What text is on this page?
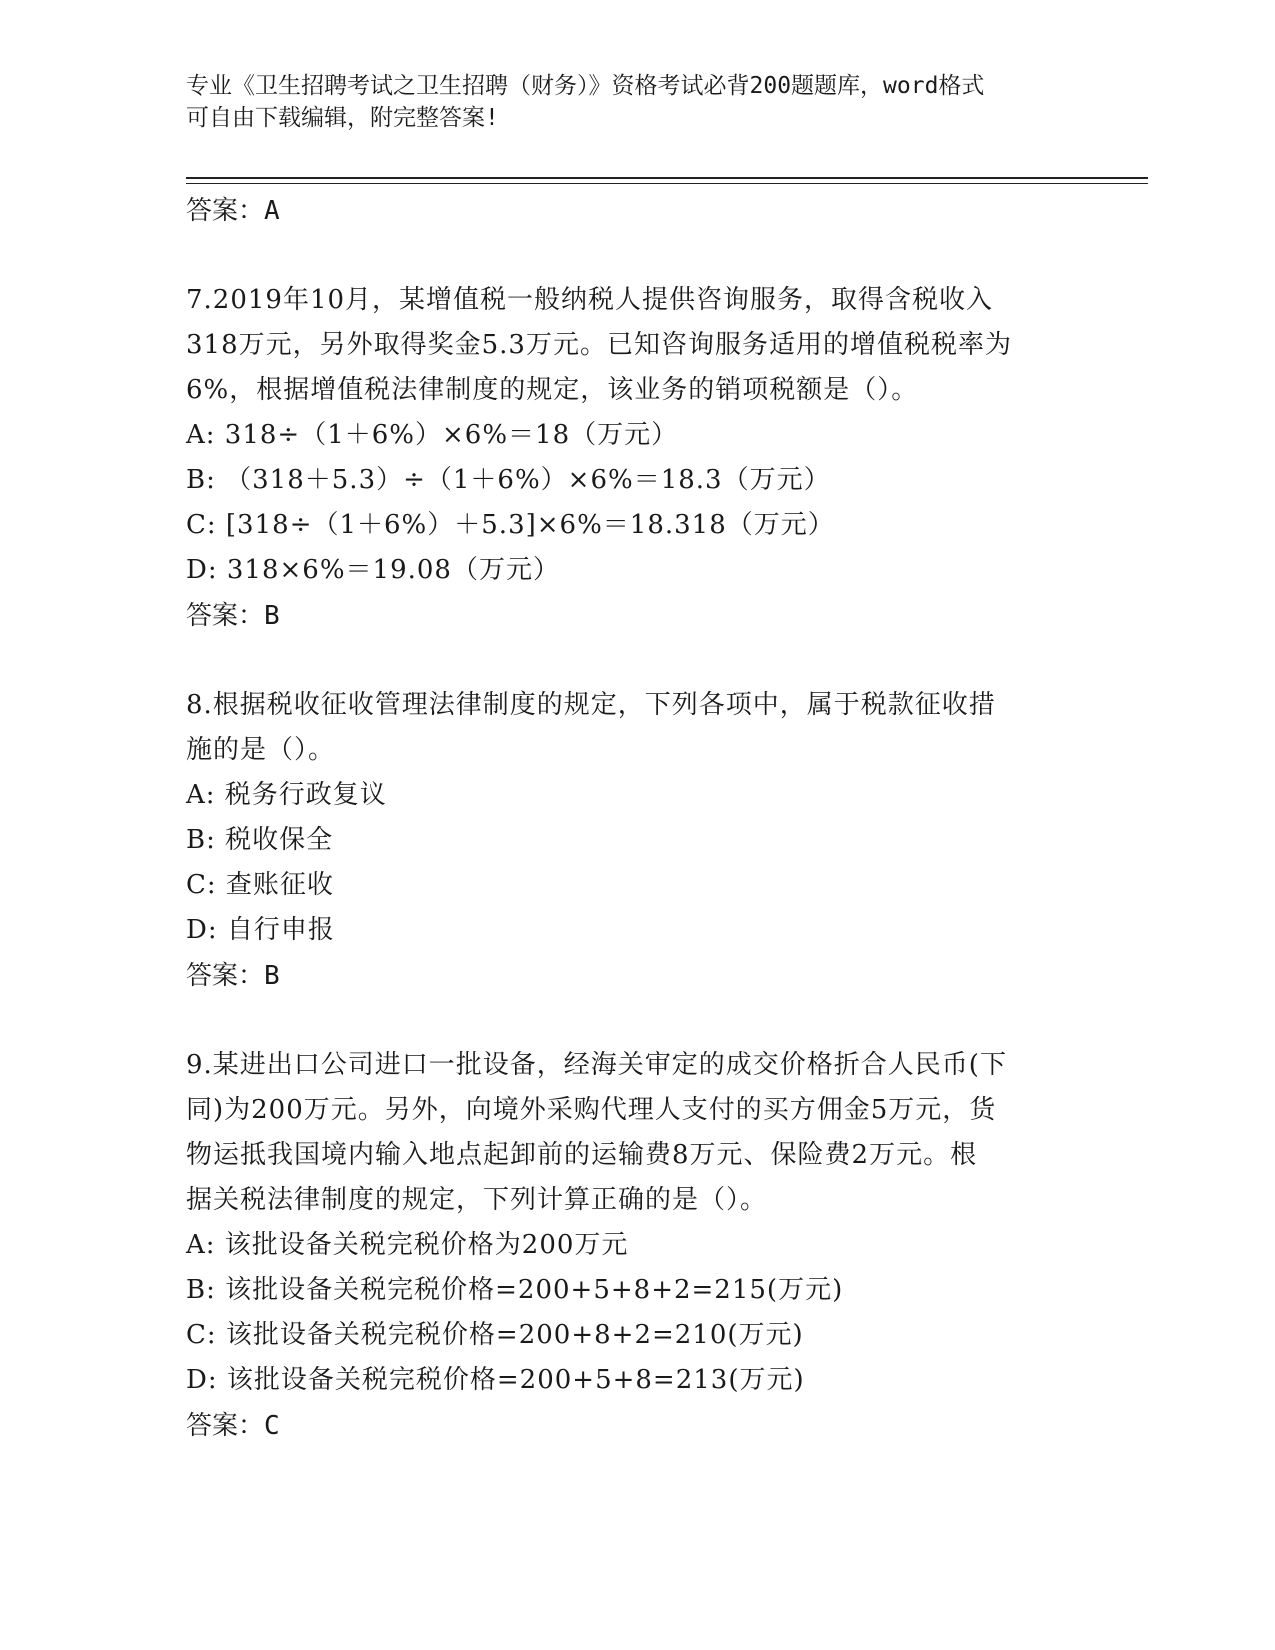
专业《卫生招聘考试之卫生招聘（财务）》资格考试必背200题题库，word格式
可自由下载编辑，附完整答案!
答案：A
7.2019年10月，某增值税一般纳税人提供咨询服务，取得含税收入
318万元，另外取得奖金5.3万元。已知咨询服务适用的增值税税率为
6%，根据增值税法律制度的规定，该业务的销项税额是（）。
A: 318÷（1＋6%）×6%＝18（万元）
B: （318＋5.3）÷（1＋6%）×6%＝18.3（万元）
C: [318÷（1＋6%）＋5.3]×6%＝18.318（万元）
D: 318×6%＝19.08（万元）
答案：B
8.根据税收征收管理法律制度的规定，下列各项中，属于税款征收措
施的是（）。
A: 税务行政复议
B: 税收保全
C: 查账征收
D: 自行申报
答案：B
9.某进出口公司进口一批设备，经海关审定的成交价格折合人民币(下
同)为200万元。另外，向境外采购代理人支付的买方佣金5万元，货
物运抵我国境内输入地点起卸前的运输费8万元、保险费2万元。根
据关税法律制度的规定，下列计算正确的是（）。
A: 该批设备关税完税价格为200万元
B: 该批设备关税完税价格=200+5+8+2=215(万元)
C: 该批设备关税完税价格=200+8+2=210(万元)
D: 该批设备关税完税价格=200+5+8=213(万元)
答案：C
